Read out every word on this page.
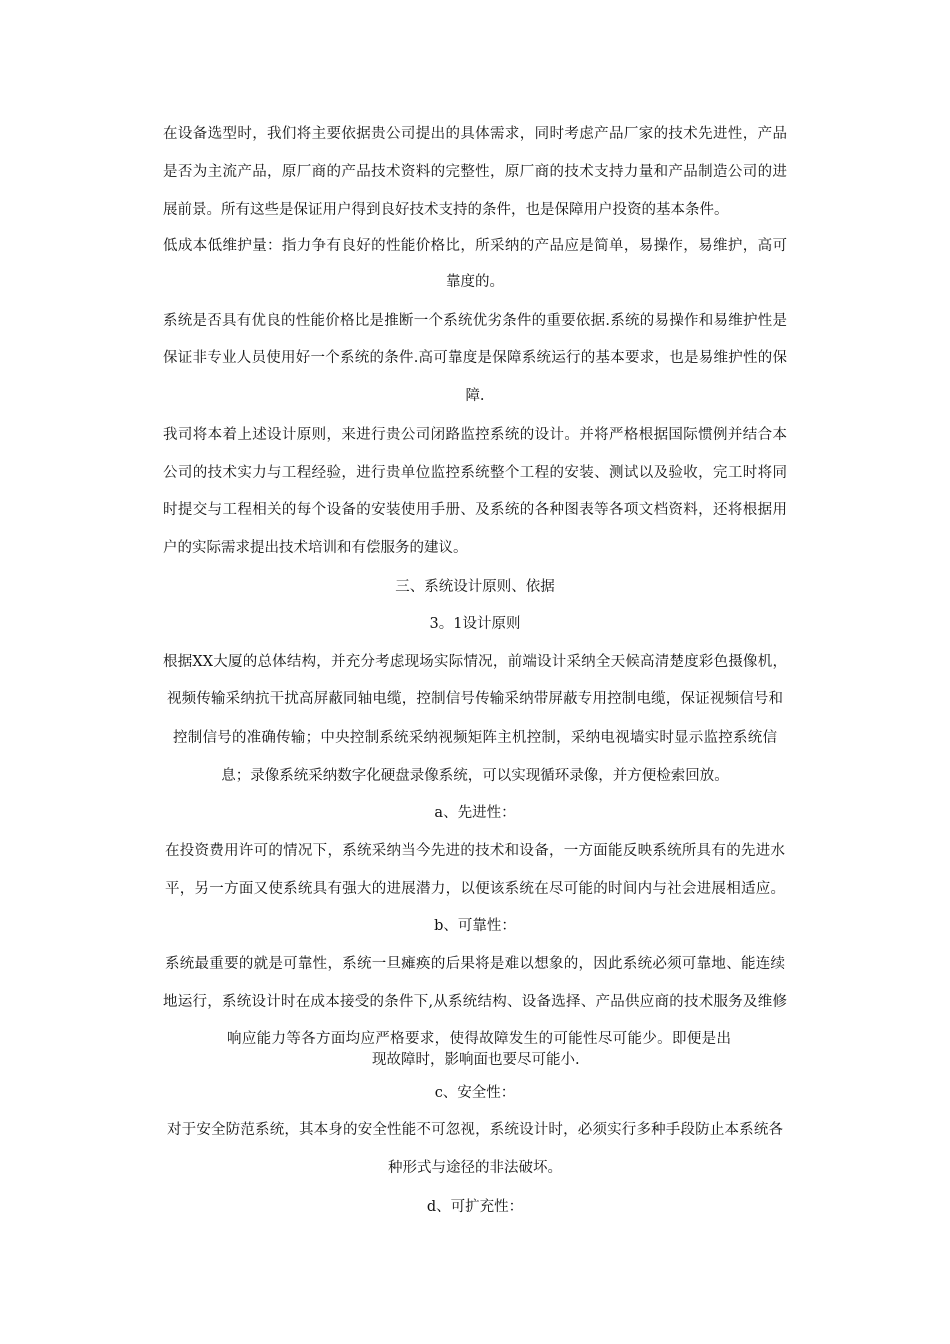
在设备选型时，我们将主要依据贵公司提出的具体需求，同时考虑产品厂家的技术先进性，产品
是否为主流产品，原厂商的产品技术资料的完整性，原厂商的技术支持力量和产品制造公司的进
展前景。所有这些是保证用户得到良好技术支持的条件，也是保障用户投资的基本条件。
低成本低维护量：指力争有良好的性能价格比，所采纳的产品应是简单，易操作，易维护，高可
靠度的。
系统是否具有优良的性能价格比是推断一个系统优劣条件的重要依据.系统的易操作和易维护性是
保证非专业人员使用好一个系统的条件.高可靠度是保障系统运行的基本要求，也是易维护性的保
障.
我司将本着上述设计原则，来进行贵公司闭路监控系统的设计。并将严格根据国际惯例并结合本
公司的技术实力与工程经验，进行贵单位监控系统整个工程的安装、测试以及验收，完工时将同
时提交与工程相关的每个设备的安装使用手册、及系统的各种图表等各项文档资料，还将根据用
户的实际需求提出技术培训和有偿服务的建议。
三、系统设计原则、依据
3。1设计原则
根据XX大厦的总体结构，并充分考虑现场实际情况，前端设计采纳全天候高清楚度彩色摄像机，
视频传输采纳抗干扰高屏蔽同轴电缆，控制信号传输采纳带屏蔽专用控制电缆，保证视频信号和
控制信号的准确传输；中央控制系统采纳视频矩阵主机控制，采纳电视墙实时显示监控系统信
息；录像系统采纳数字化硬盘录像系统，可以实现循环录像，并方便检索回放。
a、先进性：
在投资费用许可的情况下，系统采纳当今先进的技术和设备，一方面能反映系统所具有的先进水
平，另一方面又使系统具有强大的进展潜力，以便该系统在尽可能的时间内与社会进展相适应。
b、可靠性：
系统最重要的就是可靠性，系统一旦瘫痪的后果将是难以想象的，因此系统必须可靠地、能连续
地运行，系统设计时在成本接受的条件下,从系统结构、设备选择、产品供应商的技术服务及维修
响应能力等各方面均应严格要求，使得故障发生的可能性尽可能少。即便是出
现故障时，影响面也要尽可能小.
c、安全性：
对于安全防范系统，其本身的安全性能不可忽视，系统设计时，必须实行多种手段防止本系统各
种形式与途径的非法破坏。
d、可扩充性：
